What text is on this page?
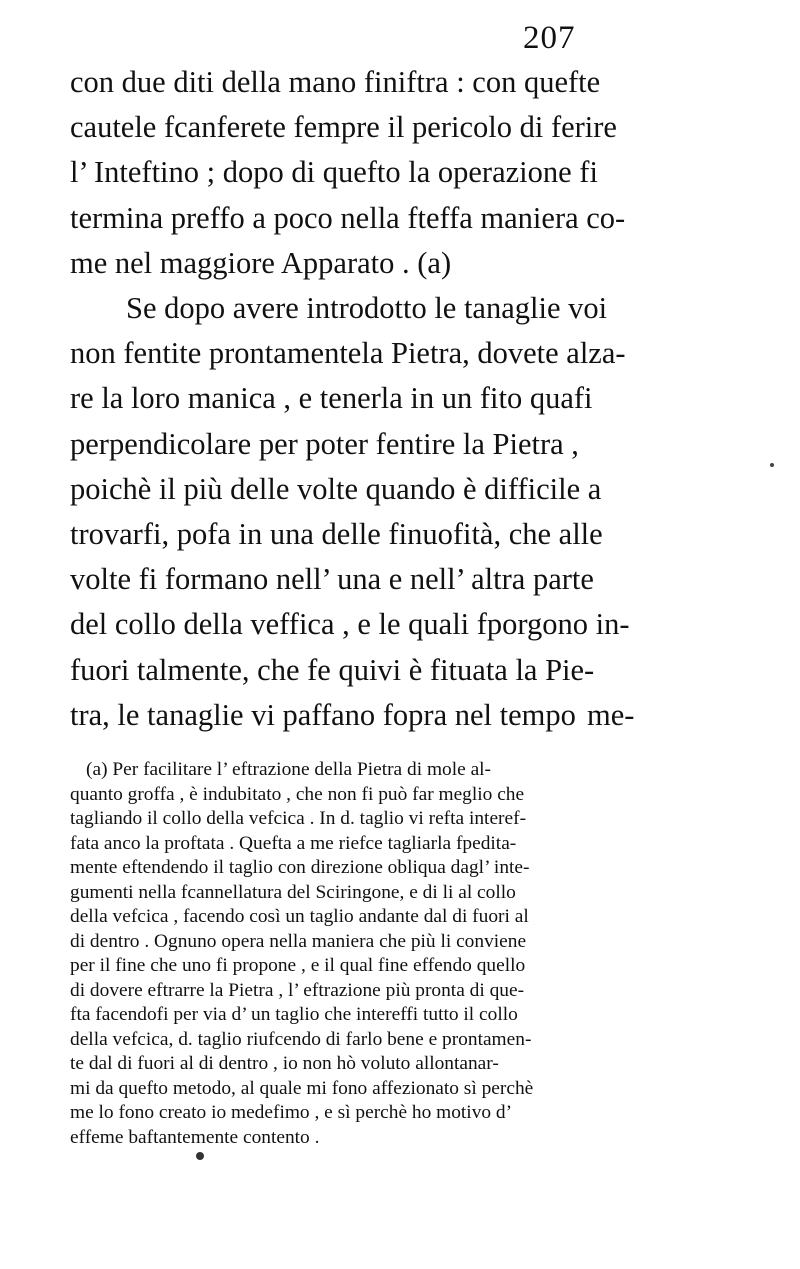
207

con due diti della mano finiftra : con quefte
cautele fcanferete fempre il pericolo di ferire
l’ Inteftino ; dopo di quefto la operazione fi
termina preffo a poco nella fteffa maniera co-
me nel maggiore Apparato . (a)

Se dopo avere introdotto le tanaglie voi
non fentite prontamentela Pietra, dovete alza-
re la loro manica , e tenerla in un fito quafi
perpendicolare per poter fentire la Pietra ,
poichè il più delle volte quando è difficile a
trovarfi, pofa in una delle finuofità, che alle
volte fi formano nell’ una e nell’ altra parte
del collo della veffica , e le quali fporgono in-
fuori talmente, che fe quivi è fituata la Pie-
tra, le tanaglie vi paffano fopra nel tempo me-
(a) Per facilitare l’ eftrazione della Pietra di mole al-
quanto groffa , è indubitato , che non fi può far meglio che
tagliando il collo della vefcica . In d. taglio vi refta interef-
fata anco la proftata . Quefta a me riefce tagliarla fpedita-
mente eftendendo il taglio con direzione obliqua dagl’ inte-
gumenti nella fcannellatura del Sciringone, e di li al collo
della vefcica , facendo così un taglio andante dal di fuori al
di dentro . Ognuno opera nella maniera che più li conviene
per il fine che uno fi propone , e il qual fine effendo quello
di dovere eftrarre la Pietra , l’ eftrazione più pronta di que-
fta facendofi per via d’ un taglio che intereffi tutto il collo
della vefcica, d. taglio riufcendo di farlo bene e prontamen-
te dal di fuori al di dentro , io non hò voluto allontanar-
mi da quefto metodo, al quale mi fono affezionato sì perchè
me lo fono creato io medefimo , e sì perchè ho motivo d’
effeme baftantemente contento .
